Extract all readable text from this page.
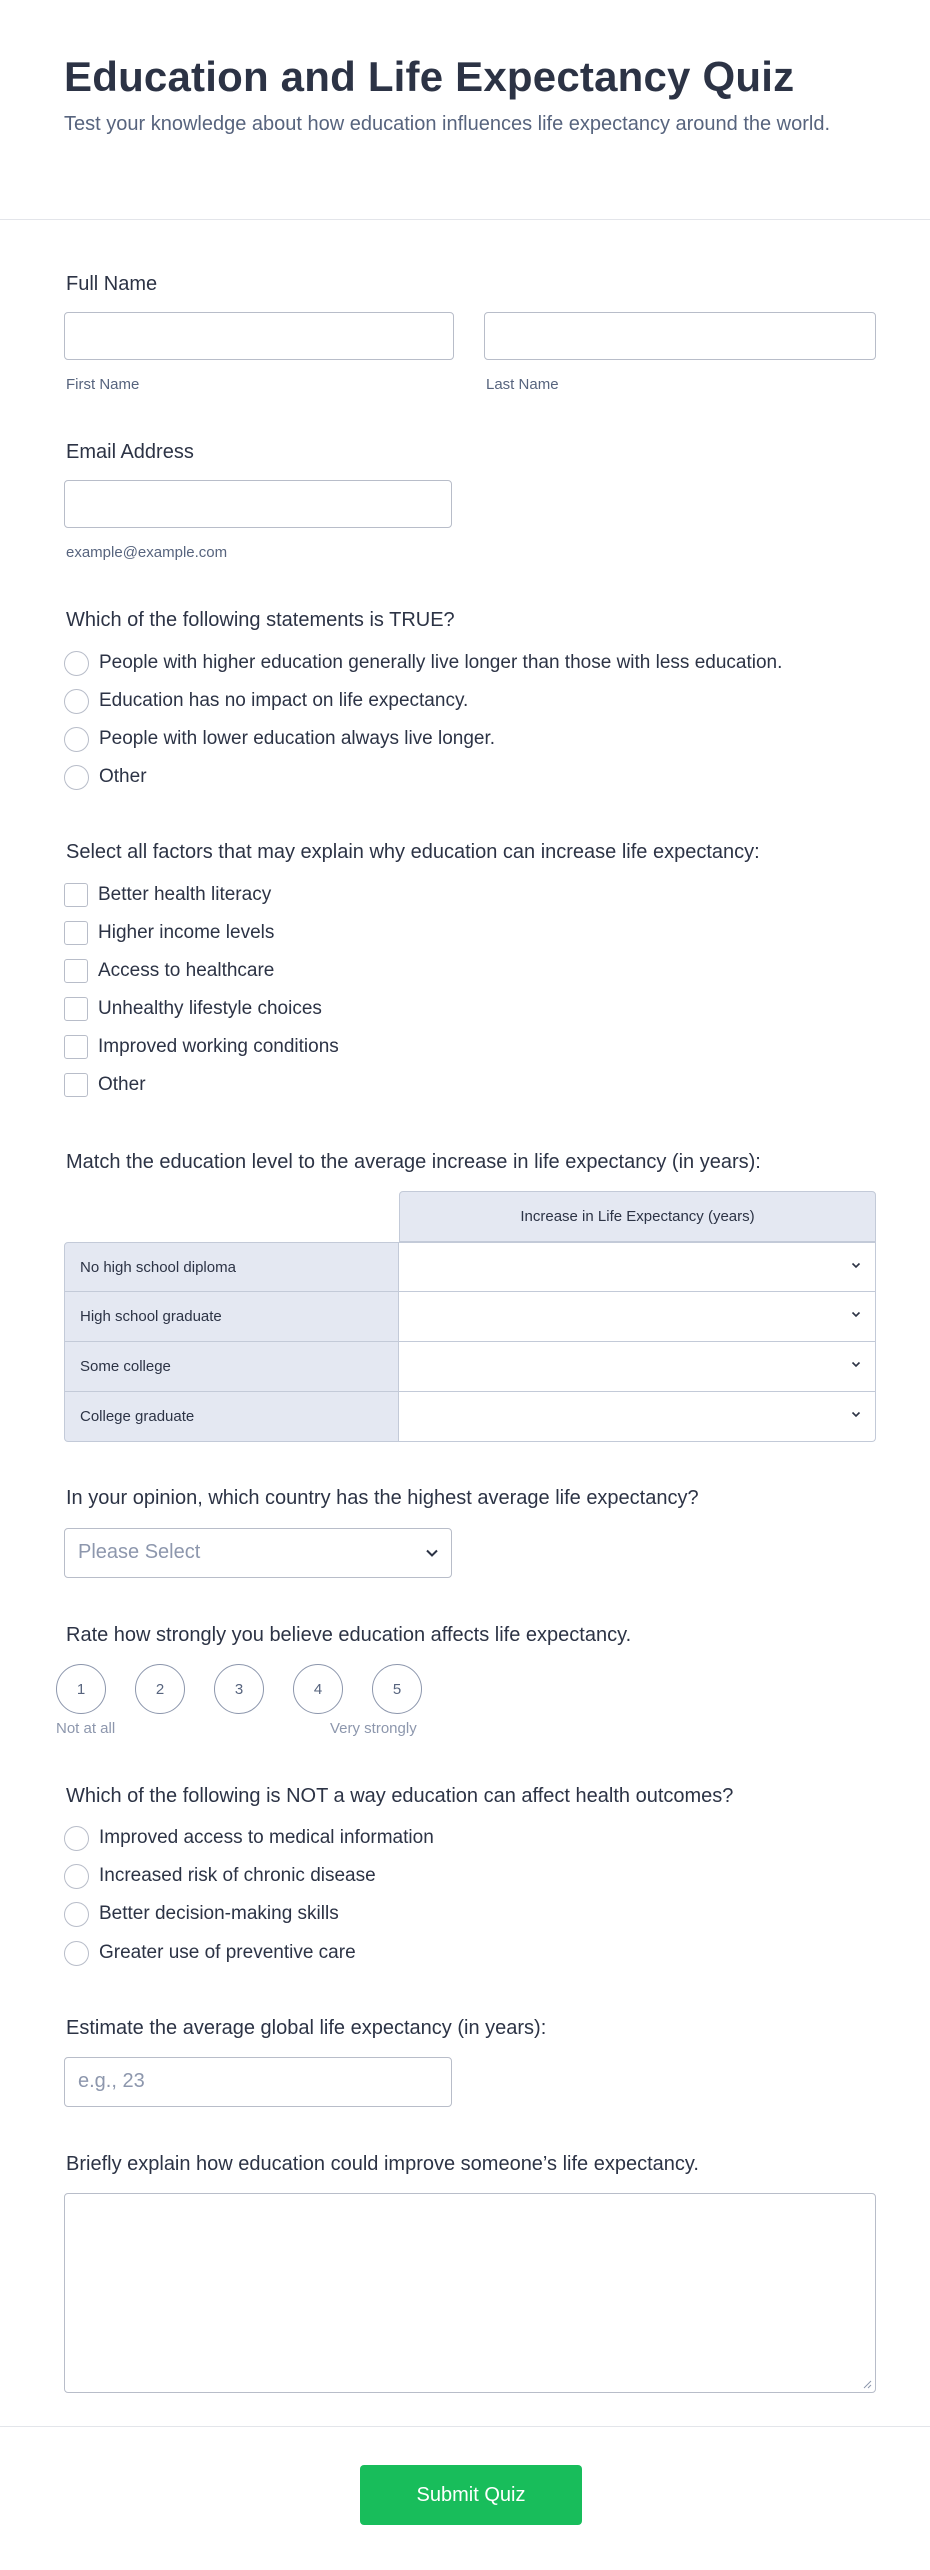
Education and Life Expectancy Quiz

Test your knowledge about how education influences life expectancy around the world.

Full Name
First Name	Last Name
Email Address
example@example.com
Which of the following statements is TRUE?
People with higher education generally live longer than those with less education.
Education has no impact on life expectancy.
People with lower education always live longer.
Other
Select all factors that may explain why education can increase life expectancy:
Better health literacy
Higher income levels
Access to healthcare
Unhealthy lifestyle choices
Improved working conditions
Other
Match the education level to the average increase in life expectancy (in years):
Increase in Life Expectancy (years)
No high school diploma
High school graduate
Some college
College graduate
In your opinion, which country has the highest average life expectancy?
Please Select
Rate how strongly you believe education affects life expectancy.
1	2	3	4	5
Not at all	Very strongly
Which of the following is NOT a way education can affect health outcomes?
Improved access to medical information
Increased risk of chronic disease
Better decision-making skills
Greater use of preventive care
Estimate the average global life expectancy (in years):
e.g., 23
Briefly explain how education could improve someone’s life expectancy.
Submit Quiz
